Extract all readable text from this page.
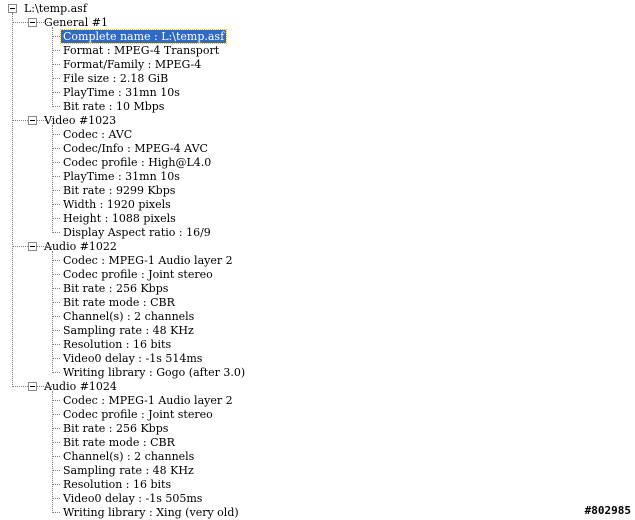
L:\temp.asf
General #1
Complete name : L:\temp.asf
Format : MPEG-4 Transport
Format/Family : MPEG-4
File size : 2.18 GiB
PlayTime : 31mn 10s
Bit rate : 10 Mbps
Video #1023
Codec : AVC
Codec/Info : MPEG-4 AVC
Codec profile : High@L4.0
PlayTime : 31mn 10s
Bit rate : 9299 Kbps
Width : 1920 pixels
Height : 1088 pixels
Display Aspect ratio : 16/9
Audio #1022
Codec : MPEG-1 Audio layer 2
Codec profile : Joint stereo
Bit rate : 256 Kbps
Bit rate mode : CBR
Channel(s) : 2 channels
Sampling rate : 48 KHz
Resolution : 16 bits
Video0 delay : -1s 514ms
Writing library : Gogo (after 3.0)
Audio #1024
Codec : MPEG-1 Audio layer 2
Codec profile : Joint stereo
Bit rate : 256 Kbps
Bit rate mode : CBR
Channel(s) : 2 channels
Sampling rate : 48 KHz
Resolution : 16 bits
Video0 delay : -1s 505ms
Writing library : Xing (very old)	#802985
